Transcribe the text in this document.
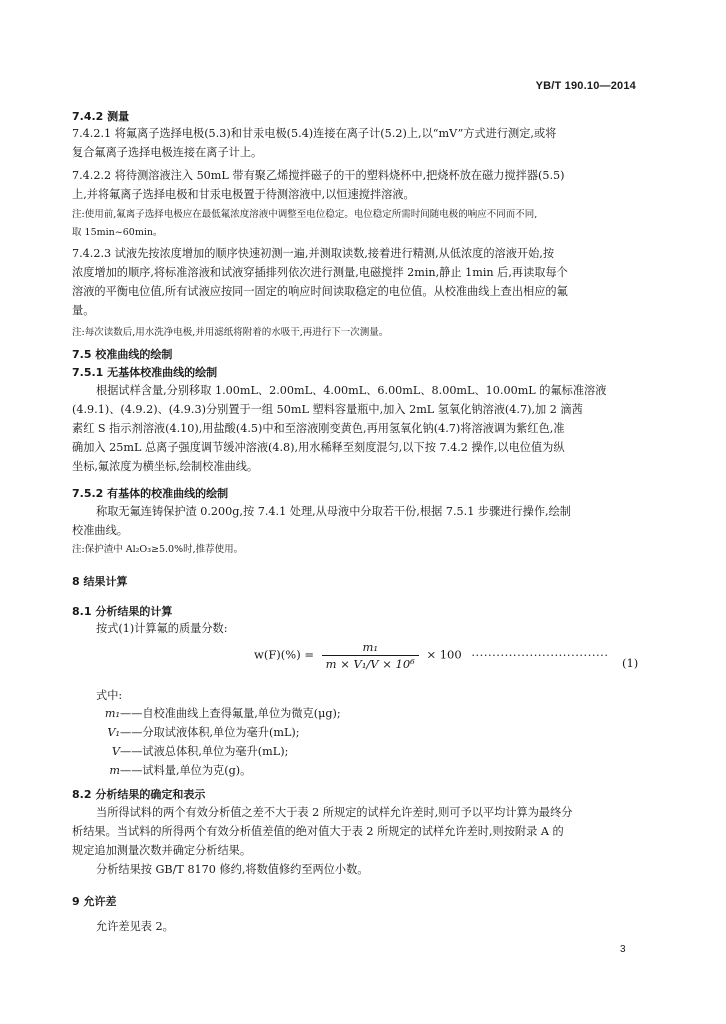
YB/T 190.10—2014
7.4.2 测量
7.4.2.1 将氟离子选择电极(5.3)和甘汞电极(5.4)连接在离子计(5.2)上,以“mV”方式进行测定,或将
复合氟离子选择电极连接在离子计上。
7.4.2.2 将待测溶液注入 50mL 带有聚乙烯搅拌磁子的干的塑料烧杯中,把烧杯放在磁力搅拌器(5.5)
上,并将氟离子选择电极和甘汞电极置于待测溶液中,以恒速搅拌溶液。
注:使用前,氟离子选择电极应在最低氟浓度溶液中调整至电位稳定。电位稳定所需时间随电极的响应不同而不同,
取 15min~60min。
7.4.2.3 试液先按浓度增加的顺序快速初测一遍,并测取读数,接着进行精测,从低浓度的溶液开始,按
浓度增加的顺序,将标准溶液和试液穿插排列依次进行测量,电磁搅拌 2min,静止 1min 后,再读取每个
溶液的平衡电位值,所有试液应按同一固定的响应时间读取稳定的电位值。从校准曲线上查出相应的氟
量。
注:每次读数后,用水洗净电极,并用滤纸将附着的水吸干,再进行下一次测量。
7.5 校准曲线的绘制
7.5.1 无基体校准曲线的绘制
根据试样含量,分别移取 1.00mL、2.00mL、4.00mL、6.00mL、8.00mL、10.00mL 的氟标准溶液
(4.9.1)、(4.9.2)、(4.9.3)分别置于一组 50mL 塑料容量瓶中,加入 2mL 氢氧化钠溶液(4.7),加 2 滴茜
素红 S 指示剂溶液(4.10),用盐酸(4.5)中和至溶液刚变黄色,再用氢氧化钠(4.7)将溶液调为紫红色,准
确加入 25mL 总离子强度调节缓冲溶液(4.8),用水稀释至刻度混匀,以下按 7.4.2 操作,以电位值为纵
坐标,氟浓度为横坐标,绘制校准曲线。
7.5.2 有基体的校准曲线的绘制
称取无氟连铸保护渣 0.200g,按 7.4.1 处理,从母液中分取若干份,根据 7.5.1 步骤进行操作,绘制
校准曲线。
注:保护渣中 Al₂O₃≥5.0%时,推荐使用。
8 结果计算
8.1 分析结果的计算
按式(1)计算氟的质量分数:
$w(F)(\%) = \frac{\text{m₁}}{\text{m × V₁/V × 10⁶}} \times 100$ ·································
(1)
式中:
m₁——自校准曲线上查得氟量,单位为微克(μg);
V₁——分取试液体积,单位为毫升(mL);
V——试液总体积,单位为毫升(mL);
m——试料量,单位为克(g)。
8.2 分析结果的确定和表示
当所得试料的两个有效分析值之差不大于表 2 所规定的试样允许差时,则可予以平均计算为最终分
析结果。当试料的所得两个有效分析值差值的绝对值大于表 2 所规定的试样允许差时,则按附录 A 的
规定追加测量次数并确定分析结果。
分析结果按 GB/T 8170 修约,将数值修约至两位小数。
9 允许差
允许差见表 2。
3
